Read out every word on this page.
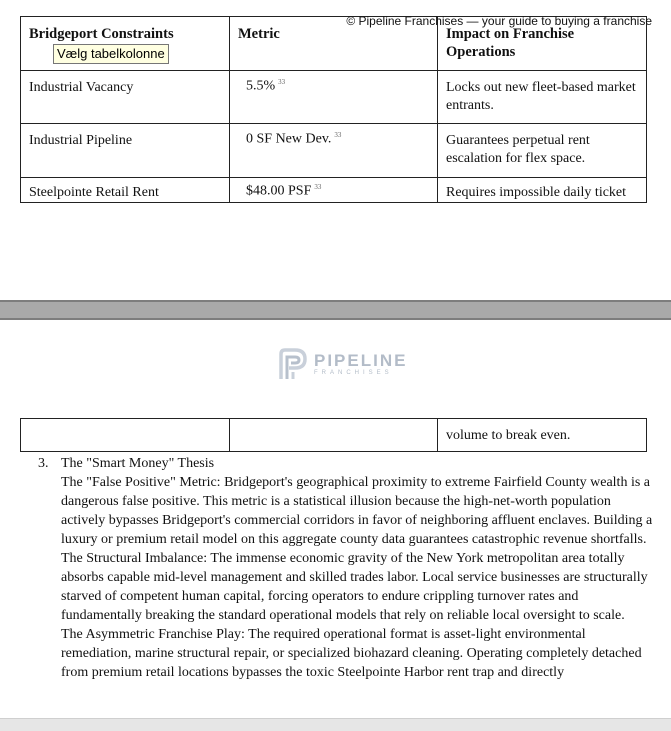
Bridgeport Constraints	Metric	Impact on Franchise Operations
Industrial Vacancy	5.5% $^{33}$	Locks out new fleet-based market entrants.
Industrial Pipeline	0 SF New Dev. $^{33}$	Guarantees perpetual rent escalation for flex space.
Steelpointe Retail Rent	$48.00 PSF $^{33}$	Requires impossible daily ticket
Vælg tabelkolonne
© Pipeline Franchises — your guide to buying a franchise
PIPELINE
FRANCHISES
		volume to break even.
3. The "Smart Money" Thesis

The "False Positive" Metric: Bridgeport's geographical proximity to extreme Fairfield County wealth is a dangerous false positive. This metric is a statistical illusion because the high-net-worth population actively bypasses Bridgeport's commercial corridors in favor of neighboring affluent enclaves. Building a luxury or premium retail model on this aggregate county data guarantees catastrophic revenue shortfalls.

The Structural Imbalance: The immense economic gravity of the New York metropolitan area totally absorbs capable mid-level management and skilled trades labor. Local service businesses are structurally starved of competent human capital, forcing operators to endure crippling turnover rates and fundamentally breaking the standard operational models that rely on reliable local oversight to scale.

The Asymmetric Franchise Play: The required operational format is asset-light environmental remediation, marine structural repair, or specialized biohazard cleaning. Operating completely detached from premium retail locations bypasses the toxic Steelpointe Harbor rent trap and directly
